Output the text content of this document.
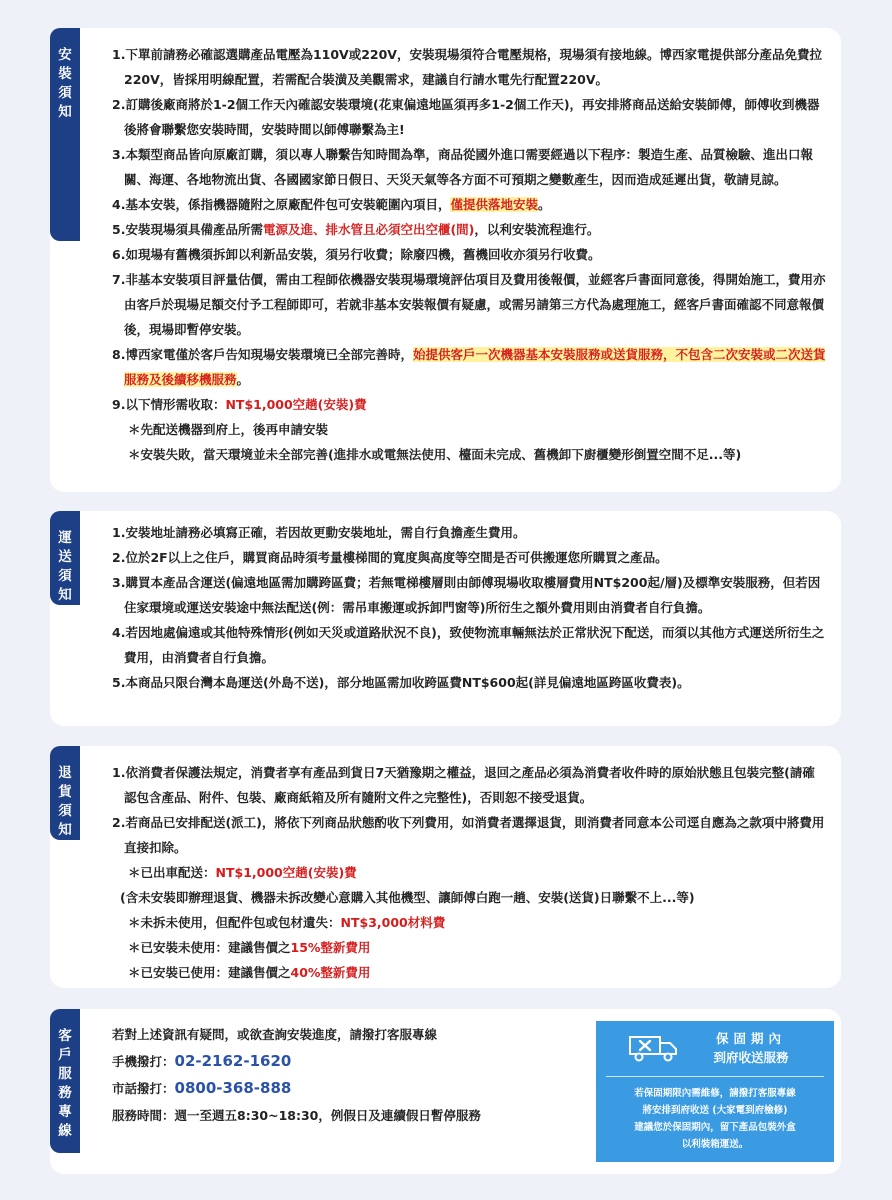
安
裝
須
知
1.下單前請務必確認選購產品電壓為110V或220V，安裝現場須符合電壓規格，現場須有接地線。博西家電提供部分產品免費拉220V，皆採用明線配置，若需配合裝潢及美觀需求，建議自行請水電先行配置220V。
2.訂購後廠商將於1-2個工作天內確認安裝環境(花東偏遠地區須再多1-2個工作天)，再安排將商品送給安裝師傅，師傅收到機器後將會聯繫您安裝時間，安裝時間以師傅聯繫為主!
3.本類型商品皆向原廠訂購，須以專人聯繫告知時間為準，商品從國外進口需要經過以下程序：製造生產、品質檢驗、進出口報關、海運、各地物流出貨、各國國家節日假日、天災天氣等各方面不可預期之變數產生，因而造成延遲出貨，敬請見諒。
4.基本安裝，係指機器隨附之原廠配件包可安裝範圍內項目，僅提供落地安裝。
5.安裝現場須具備產品所需電源及進、排水管且必須空出空櫃(間)，以利安裝流程進行。
6.如現場有舊機須拆卸以利新品安裝，須另行收費；除廢四機，舊機回收亦須另行收費。
7.非基本安裝項目評量估價，需由工程師依機器安裝現場環境評估項目及費用後報價，並經客戶書面同意後，得開始施工，費用亦由客戶於現場足額交付予工程師即可，若就非基本安裝報價有疑慮，或需另請第三方代為處理施工，經客戶書面確認不同意報價後，現場即暫停安裝。
8.博西家電僅於客戶告知現場安裝環境已全部完善時，始提供客戶一次機器基本安裝服務或送貨服務，不包含二次安裝或二次送貨服務及後續移機服務。
9.以下情形需收取：NT$1,000空趟(安裝)費
＊先配送機器到府上，後再申請安裝
＊安裝失敗，當天環境並未全部完善(進排水或電無法使用、檯面未完成、舊機卸下廚櫃變形倒置空間不足...等)
運
送
須
知
1.安裝地址請務必填寫正確，若因故更動安裝地址，需自行負擔產生費用。
2.位於2F以上之住戶，購買商品時須考量樓梯間的寬度與高度等空間是否可供搬運您所購買之產品。
3.購買本產品含運送(偏遠地區需加購跨區費；若無電梯樓層則由師傅現場收取樓層費用NT$200起/層)及標準安裝服務，但若因住家環境或運送安裝途中無法配送(例：需吊車搬運或拆卸門窗等)所衍生之額外費用則由消費者自行負擔。
4.若因地處偏遠或其他特殊情形(例如天災或道路狀況不良)，致使物流車輛無法於正常狀況下配送，而須以其他方式運送所衍生之費用，由消費者自行負擔。
5.本商品只限台灣本島運送(外島不送)，部分地區需加收跨區費NT$600起(詳見偏遠地區跨區收費表)。
退
貨
須
知
1.依消費者保護法規定，消費者享有產品到貨日7天猶豫期之權益，退回之產品必須為消費者收件時的原始狀態且包裝完整(請確認包含產品、附件、包裝、廠商紙箱及所有隨附文件之完整性)，否則恕不接受退貨。
2.若商品已安排配送(派工)，將依下列商品狀態酌收下列費用，如消費者選擇退貨，則消費者同意本公司逕自應為之款項中將費用直接扣除。
＊已出車配送：NT$1,000空趟(安裝)費
(含未安裝即辦理退貨、機器未拆改變心意購入其他機型、讓師傅白跑一趟、安裝(送貨)日聯繫不上...等)
＊未拆未使用，但配件包或包材遺失：NT$3,000材料費
＊已安裝未使用：建議售價之15%整新費用
＊已安裝已使用：建議售價之40%整新費用
客
戶
服
務
專
線
若對上述資訊有疑問，或欲查詢安裝進度，請撥打客服專線
手機撥打：02-2162-1620
市話撥打：0800-368-888
服務時間：週一至週五8:30~18:30，例假日及連續假日暫停服務
保固期內
到府收送服務
若保固期限內需維修，請撥打客服專線
將安排到府收送 (大家電到府檢修)
建議您於保固期內，留下產品包裝外盒
以利裝箱運送。
